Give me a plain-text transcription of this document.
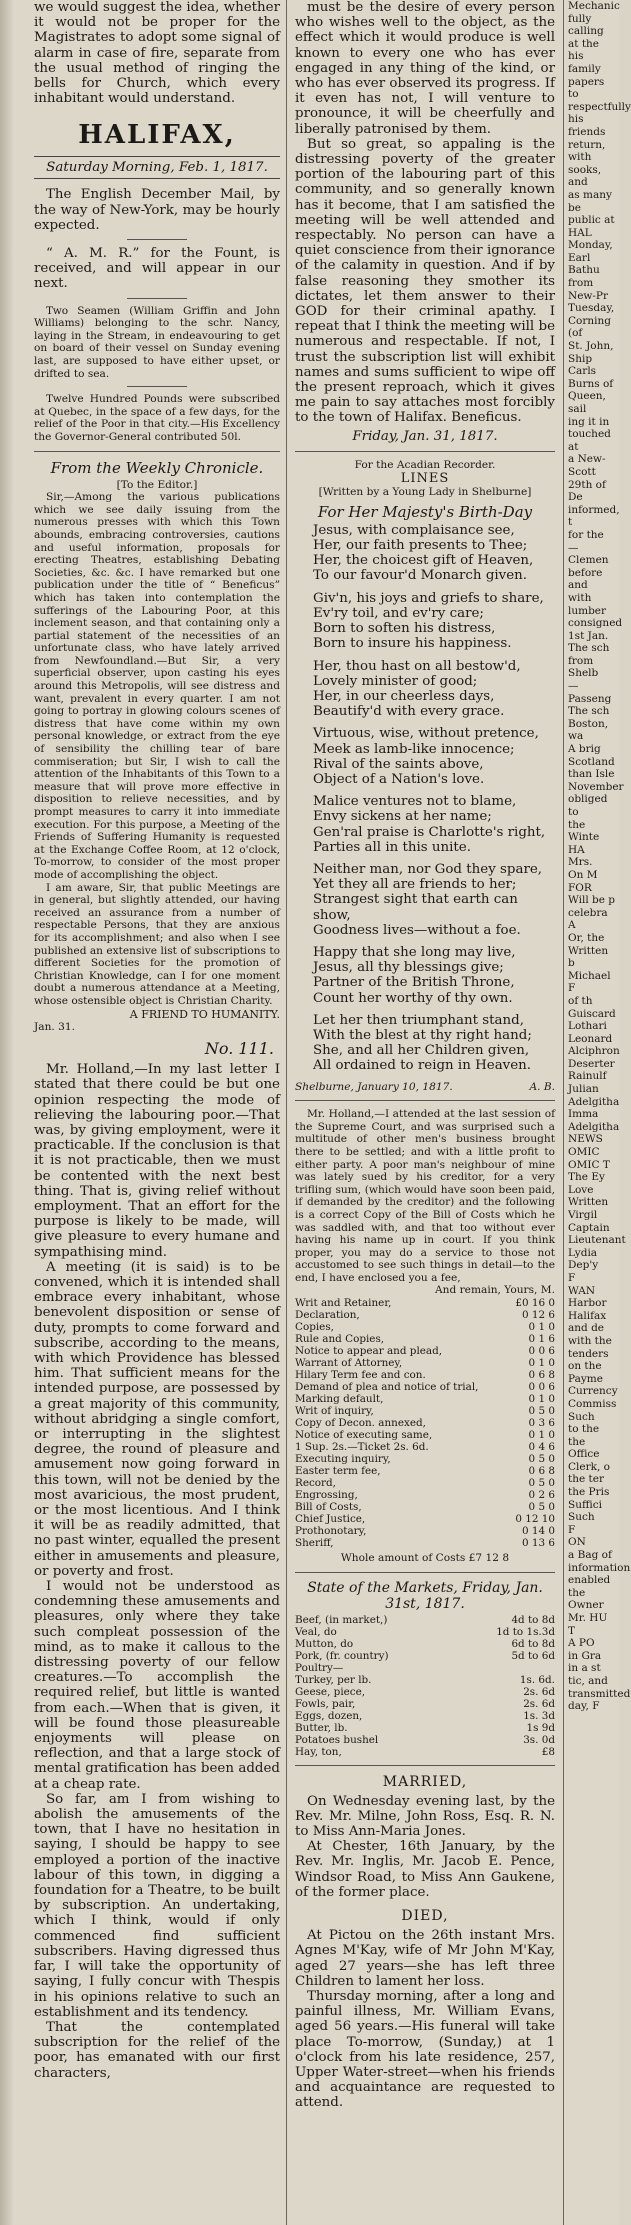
we would suggest the idea, whether it would not be proper for the Magistrates to adopt some signal of alarm in case of fire, separate from the usual method of ringing the bells for Church, which every inhabitant would understand.

HALIFAX,
Saturday Morning, Feb. 1, 1817.

The English December Mail, by the way of New-York, may be hourly expected.

“ A. M. R.” for the Fount, is received, and will appear in our next.

Two Seamen (William Griffin and John Williams) belonging to the schr. Nancy, laying in the Stream, in endeavouring to get on board of their vessel on Sunday evening last, are supposed to have either upset, or drifted to sea.

Twelve Hundred Pounds were subscribed at Quebec, in the space of a few days, for the relief of the Poor in that city.—His Excellency the Governor-General contributed 50l.

From the Weekly Chronicle.
[To the Editor.]

Sir,—Among the various publications which we see daily issuing from the numerous presses with which this Town abounds, embracing controversies, cautions and useful information, proposals for erecting Theatres, establishing Debating Societies, &c. &c. I have remarked but one publication under the title of “ Beneficus” which has taken into contemplation the sufferings of the Labouring Poor, at this inclement season, and that containing only a partial statement of the necessities of an unfortunate class, who have lately arrived from Newfoundland.—But Sir, a very superficial observer, upon casting his eyes around this Metropolis, will see distress and want, prevalent in every quarter. I am not going to portray in glowing colours scenes of distress that have come within my own personal knowledge, or extract from the eye of sensibility the chilling tear of bare commiseration; but Sir, I wish to call the attention of the Inhabitants of this Town to a measure that will prove more effective in disposition to relieve necessities, and by prompt measures to carry it into immediate execution. For this purpose, a Meeting of the Friends of Suffering Humanity is requested at the Exchange Coffee Room, at 12 o'clock, To-morrow, to consider of the most proper mode of accomplishing the object.

I am aware, Sir, that public Meetings are in general, but slightly attended, our having received an assurance from a number of respectable Persons, that they are anxious for its accomplishment; and also when I see published an extensive list of subscriptions to different Societies for the promotion of Christian Knowledge, can I for one moment doubt a numerous attendance at a Meeting, whose ostensible object is Christian Charity.

A FRIEND TO HUMANITY.
Jan. 31.
No. 111.

Mr. Holland,—In my last letter I stated that there could be but one opinion respecting the mode of relieving the labouring poor.—That was, by giving employment, were it practicable. If the conclusion is that it is not practicable, then we must be contented with the next best thing. That is, giving relief without employment. That an effort for the purpose is likely to be made, will give pleasure to every humane and sympathising mind.

A meeting (it is said) is to be convened, which it is intended shall embrace every inhabitant, whose benevolent disposition or sense of duty, prompts to come forward and subscribe, according to the means, with which Providence has blessed him. That sufficient means for the intended purpose, are possessed by a great majority of this community, without abridging a single comfort, or interrupting in the slightest degree, the round of pleasure and amusement now going forward in this town, will not be denied by the most avaricious, the most prudent, or the most licentious. And I think it will be as readily admitted, that no past winter, equalled the present either in amusements and pleasure, or poverty and frost.

I would not be understood as condemning these amusements and pleasures, only where they take such compleat possession of the mind, as to make it callous to the distressing poverty of our fellow creatures.—To accomplish the required relief, but little is wanted from each.—When that is given, it will be found those pleasureable enjoyments will please on reflection, and that a large stock of mental gratification has been added at a cheap rate.

So far, am I from wishing to abolish the amusements of the town, that I have no hesitation in saying, I should be happy to see employed a portion of the inactive labour of this town, in digging a foundation for a Theatre, to be built by subscription. An undertaking, which I think, would if only commenced find sufficient subscribers. Having digressed thus far, I will take the opportunity of saying, I fully concur with Thespis in his opinions relative to such an establishment and its tendency.

That the contemplated subscription for the relief of the poor, has emanated with our first characters,

must be the desire of every person who wishes well to the object, as the effect which it would produce is well known to every one who has ever engaged in any thing of the kind, or who has ever observed its progress. If it even has not, I will venture to pronounce, it will be cheerfully and liberally patronised by them.

But so great, so appaling is the distressing poverty of the greater portion of the labouring part of this community, and so generally known has it become, that I am satisfied the meeting will be well attended and respectably. No person can have a quiet conscience from their ignorance of the calamity in question. And if by false reasoning they smother its dictates, let them answer to their GOD for their criminal apathy. I repeat that I think the meeting will be numerous and respectable. If not, I trust the subscription list will exhibit names and sums sufficient to wipe off the present reproach, which it gives me pain to say attaches most forcibly to the town of Halifax. Beneficus.

Friday, Jan. 31, 1817.
For the Acadian Recorder.
LINES
[Written by a Young Lady in Shelburne]
For Her Majesty's Birth-Day

Jesus, with complaisance see,

Her, our faith presents to Thee;

Her, the choicest gift of Heaven,

To our favour'd Monarch given.

Giv'n, his joys and griefs to share,

Ev'ry toil, and ev'ry care;

Born to soften his distress,

Born to insure his happiness.

Her, thou hast on all bestow'd,

Lovely minister of good;

Her, in our cheerless days,

Beautify'd with every grace.

Virtuous, wise, without pretence,

Meek as lamb-like innocence;

Rival of the saints above,

Object of a Nation's love.

Malice ventures not to blame,

Envy sickens at her name;

Gen'ral praise is Charlotte's right,

Parties all in this unite.

Neither man, nor God they spare,

Yet they all are friends to her;

Strangest sight that earth can show,

Goodness lives—without a foe.

Happy that she long may live,

Jesus, all thy blessings give;

Partner of the British Throne,

Count her worthy of thy own.

Let her then triumphant stand,

With the blest at thy right hand;

She, and all her Children given,

All ordained to reign in Heaven.

Shelburne, January 10, 1817.	A. B.

Mr. Holland,—I attended at the last session of the Supreme Court, and was surprised such a multitude of other men's business brought there to be settled; and with a little profit to either party. A poor man's neighbour of mine was lately sued by his creditor, for a very trifling sum, (which would have soon been paid, if demanded by the creditor) and the following is a correct Copy of the Bill of Costs which he was saddled with, and that too without ever having his name up in court. If you think proper, you may do a service to those not accustomed to see such things in detail—to the end, I have enclosed you a fee,

And remain, Yours, M.
Writ and Retainer,	£0 16 0
Declaration,	0 12 6
Copies,	0 1 0
Rule and Copies,	0 1 6
Notice to appear and plead,	0 0 6
Warrant of Attorney,	0 1 0
Hilary Term fee and con.	0 6 8
Demand of plea and notice of trial,	0 0 6
Marking default,	0 1 0
Writ of inquiry,	0 5 0
Copy of Decon. annexed,	0 3 6
Notice of executing same,	0 1 0
1 Sup. 2s.—Ticket 2s. 6d.	0 4 6
Executing inquiry,	0 5 0
Easter term fee,	0 6 8
Record,	0 5 0
Engrossing,	0 2 6
Bill of Costs,	0 5 0
Chief Justice,	0 12 10
Prothonotary,	0 14 0
Sheriff,	0 13 6
Whole amount of Costs £7 12 8
State of the Markets, Friday, Jan. 31st, 1817.
Beef, (in market,)	4d to 8d
Veal, do	1d to 1s.3d
Mutton, do	6d to 8d
Pork, (fr. country)	5d to 6d
Poultry—	
Turkey, per lb.	1s. 6d.
Geese, piece,	2s. 6d
Fowls, pair,	2s. 6d
Eggs, dozen,	1s. 3d
Butter, lb.	1s 9d
Potatoes bushel	3s. 0d
Hay, ton,	£8
MARRIED,

On Wednesday evening last, by the Rev. Mr. Milne, John Ross, Esq. R. N. to Miss Ann-Maria Jones.

At Chester, 16th January, by the Rev. Mr. Inglis, Mr. Jacob E. Pence, Windsor Road, to Miss Ann Gaukene, of the former place.

DIED,

At Pictou on the 26th instant Mrs. Agnes M'Kay, wife of Mr John M'Kay, aged 27 years—she has left three Children to lament her loss.

Thursday morning, after a long and painful illness, Mr. William Evans, aged 56 years.—His funeral will take place To-morrow, (Sunday,) at 1 o'clock from his late residence, 257, Upper Water-street—when his friends and acquaintance are requested to attend.

Mechanic

fully

calling at the

his family

papers to

respectfully

his friends

return, with

sooks, and

as many be

public at

HAL

Monday,

Earl Bathu

from New-Pr

Tuesday,

Corning (of

St. John,

Ship Carls

Burns of

Queen, sail

ing it in

touched at

a New-Scott

29th of De

informed, t

for the

— Clemen

before and

with lumber

consigned

1st Jan.

The sch

from Shelb

—Passeng

The sch

Boston, wa

A brig

Scotland

than Isle

November

obliged to

the Winte

HA

Mrs.

On M

FOR

Will be p

celebra

A

Or, the

Written b

Michael F

of th

Guiscard

Lothari

Leonard

Alciphron

Deserter

Rainulf

Julian

Adelgitha

Imma

Adelgitha

NEWS

OMIC

OMIC T

The Ey

Love

Written

Virgil

Captain

Lieutenant

Lydia

Dep'y

F

WAN

Harbor

Halifax

and de

with the

tenders

on the

Payme

Currency

Commiss

Such

to the

the Office

Clerk, o

the ter

the Pris

Suffici

Such

F

ON

a Bag of

information

enabled

the Owner

Mr. HU

T

A PO

in Gra

in a st

tic, and

transmitted

day, F
